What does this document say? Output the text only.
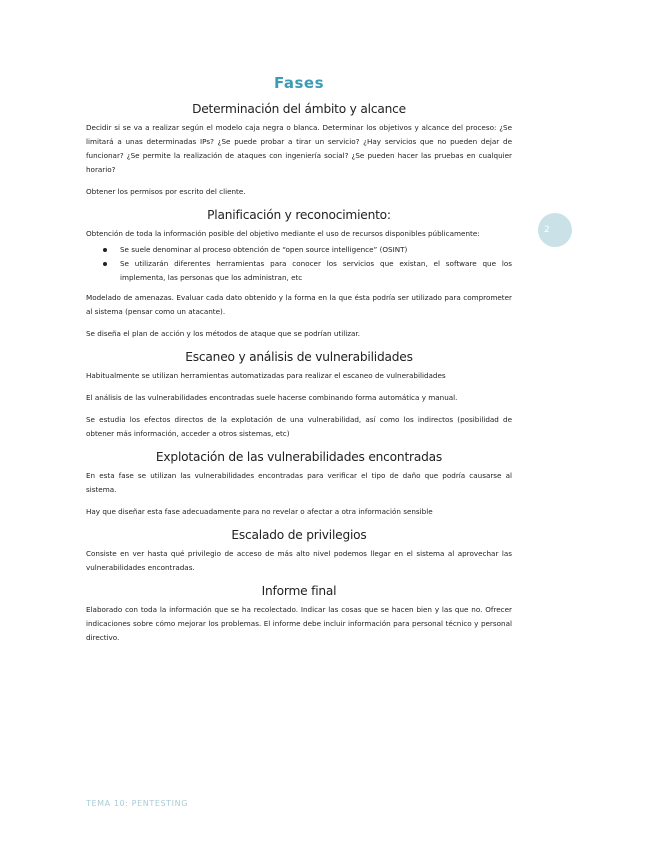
Fases
Determinación del ámbito y alcance

Decidir si se va a realizar según el modelo caja negra o blanca. Determinar los objetivos y alcance del proceso: ¿Se limitará a unas determinadas IPs? ¿Se puede probar a tirar un servicio? ¿Hay servicios que no pueden dejar de funcionar? ¿Se permite la realización de ataques con ingeniería social? ¿Se pueden hacer las pruebas en cualquier horario?

Obtener los permisos por escrito del cliente.

Planificación y reconocimiento:

Obtención de toda la información posible del objetivo mediante el uso de recursos disponibles públicamente:

Se suele denominar al proceso obtención de “open source intelligence” (OSINT)
Se utilizarán diferentes herramientas para conocer los servicios que existan, el software que los implementa, las personas que los administran, etc

Modelado de amenazas. Evaluar cada dato obtenido y la forma en la que ésta podría ser utilizado para comprometer al sistema (pensar como un atacante).

Se diseña el plan de acción y los métodos de ataque que se podrían utilizar.

Escaneo y análisis de vulnerabilidades

Habitualmente se utilizan herramientas automatizadas para realizar el escaneo de vulnerabilidades

El análisis de las vulnerabilidades encontradas suele hacerse combinando forma automática y manual.

Se estudia los efectos directos de la explotación de una vulnerabilidad, así como los indirectos (posibilidad de obtener más información, acceder a otros sistemas, etc)

Explotación de las vulnerabilidades encontradas

En esta fase se utilizan las vulnerabilidades encontradas para verificar el tipo de daño que podría causarse al sistema.

Hay que diseñar esta fase adecuadamente para no revelar o afectar a otra información sensible

Escalado de privilegios

Consiste en ver hasta qué privilegio de acceso de más alto nivel podemos llegar en el sistema al aprovechar las vulnerabilidades encontradas.

Informe final

Elaborado con toda la información que se ha recolectado. Indicar las cosas que se hacen bien y las que no. Ofrecer indicaciones sobre cómo mejorar los problemas. El informe debe incluir información para personal técnico y personal directivo.

2
TEMA 10: PENTESTING
